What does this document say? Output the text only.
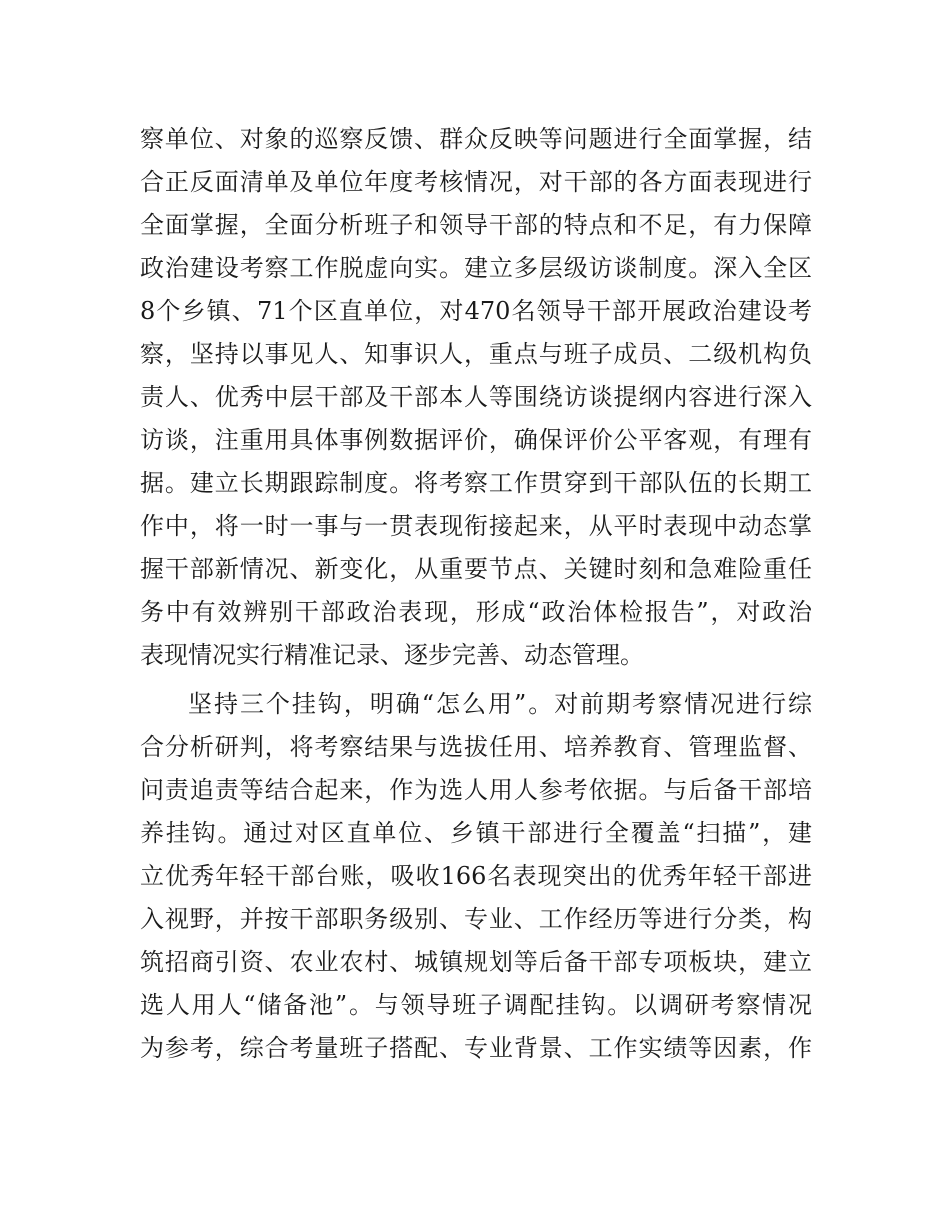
察单位、对象的巡察反馈、群众反映等问题进行全面掌握，结
合正反面清单及单位年度考核情况，对干部的各方面表现进行
全面掌握，全面分析班子和领导干部的特点和不足，有力保障
政治建设考察工作脱虚向实。建立多层级访谈制度。深入全区
8个乡镇、71个区直单位，对470名领导干部开展政治建设考
察，坚持以事见人、知事识人，重点与班子成员、二级机构负
责人、优秀中层干部及干部本人等围绕访谈提纲内容进行深入
访谈，注重用具体事例数据评价，确保评价公平客观，有理有
据。建立长期跟踪制度。将考察工作贯穿到干部队伍的长期工
作中，将一时一事与一贯表现衔接起来，从平时表现中动态掌
握干部新情况、新变化，从重要节点、关键时刻和急难险重任
务中有效辨别干部政治表现，形成“政治体检报告”，对政治
表现情况实行精准记录、逐步完善、动态管理。
坚持三个挂钩，明确“怎么用”。对前期考察情况进行综
合分析研判，将考察结果与选拔任用、培养教育、管理监督、
问责追责等结合起来，作为选人用人参考依据。与后备干部培
养挂钩。通过对区直单位、乡镇干部进行全覆盖“扫描”，建
立优秀年轻干部台账，吸收166名表现突出的优秀年轻干部进
入视野，并按干部职务级别、专业、工作经历等进行分类，构
筑招商引资、农业农村、城镇规划等后备干部专项板块，建立
选人用人“储备池”。与领导班子调配挂钩。以调研考察情况
为参考，综合考量班子搭配、专业背景、工作实绩等因素，作
